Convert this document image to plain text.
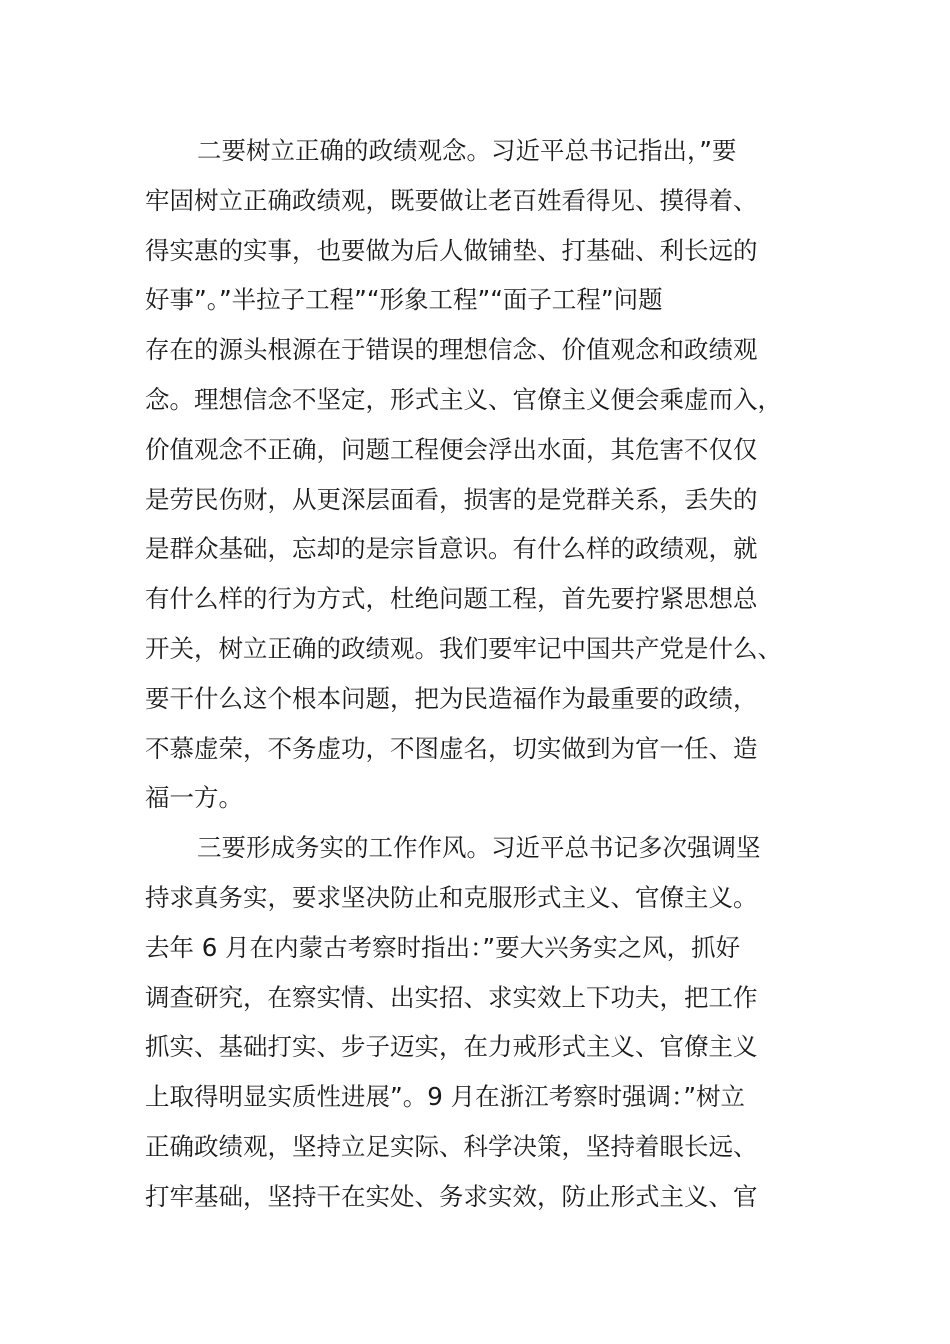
二要树立正确的政绩观念。习近平总书记指出，”要
牢固树立正确政绩观，既要做让老百姓看得见、摸得着、
得实惠的实事，也要做为后人做铺垫、打基础、利长远的
好事”。”半拉子工程”“形象工程”“面子工程”问题
存在的源头根源在于错误的理想信念、价值观念和政绩观
念。理想信念不坚定，形式主义、官僚主义便会乘虚而入，
价值观念不正确，问题工程便会浮出水面，其危害不仅仅
是劳民伤财，从更深层面看，损害的是党群关系，丢失的
是群众基础，忘却的是宗旨意识。有什么样的政绩观，就
有什么样的行为方式，杜绝问题工程，首先要拧紧思想总
开关，树立正确的政绩观。我们要牢记中国共产党是什么、
要干什么这个根本问题，把为民造福作为最重要的政绩，
不慕虚荣，不务虚功，不图虚名，切实做到为官一任、造
福一方。
三要形成务实的工作作风。习近平总书记多次强调坚
持求真务实，要求坚决防止和克服形式主义、官僚主义。
去年 6 月在内蒙古考察时指出：”要大兴务实之风，抓好
调查研究，在察实情、出实招、求实效上下功夫，把工作
抓实、基础打实、步子迈实，在力戒形式主义、官僚主义
上取得明显实质性进展”。9 月在浙江考察时强调：”树立
正确政绩观，坚持立足实际、科学决策，坚持着眼长远、
打牢基础，坚持干在实处、务求实效，防止形式主义、官
